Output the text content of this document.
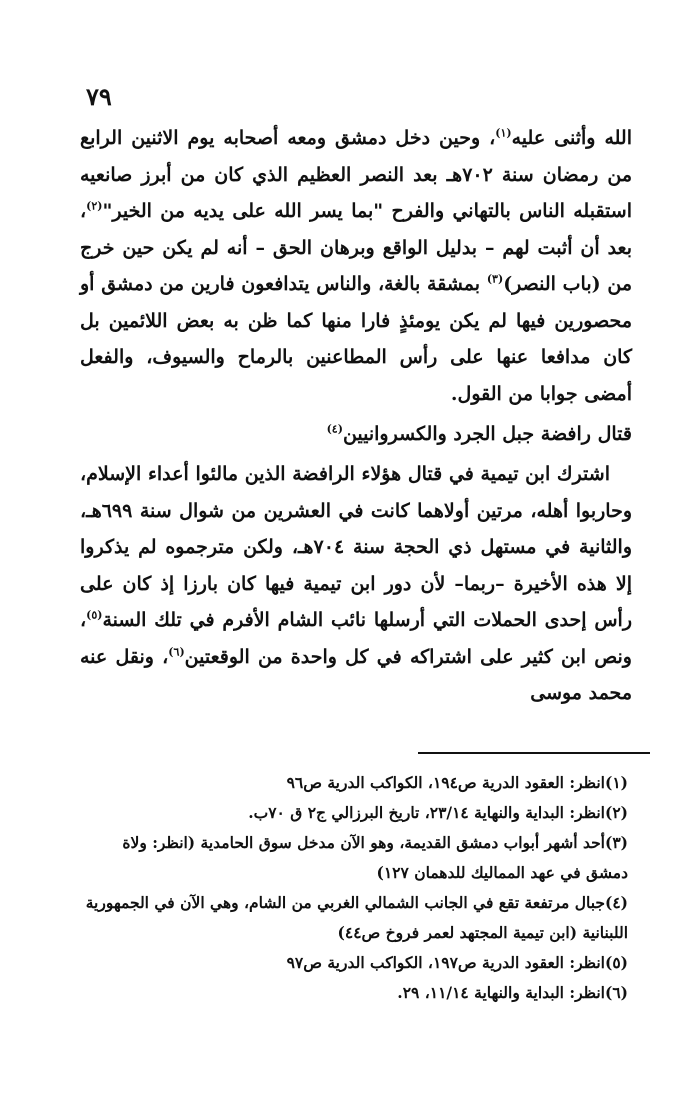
٧٩

الله وأثنى عليه$^{(١)}$، وحين دخل دمشق ومعه أصحابه يوم الاثنين الرابع من رمضان سنة ٧٠٢هـ بعد النصر العظيم الذي كان من أبرز صانعيه استقبله الناس بالتهاني والفرح "بما يسر الله على يديه من الخير"$^{(٢)}$، بعد أن أثبت لهم – بدليل الواقع وبرهان الحق – أنه لم يكن حين خرج من (باب النصر)$^{(٣)}$ بمشقة بالغة، والناس يتدافعون فارين من دمشق أو محصورين فيها لم يكن يومئذٍ فارا منها كما ظن به بعض اللائمين بل كان مدافعا عنها على رأس المطاعنين بالرماح والسيوف، والفعل أمضى جوابا من القول.

قتال رافضة جبل الجرد والكسروانيين$^{(٤)}$

اشترك ابن تيمية في قتال هؤلاء الرافضة الذين مالئوا أعداء الإسلام، وحاربوا أهله، مرتين أولاهما كانت في العشرين من شوال سنة ٦٩٩هـ، والثانية في مستهل ذي الحجة سنة ٧٠٤هـ، ولكن مترجموه لم يذكروا إلا هذه الأخيرة –ربما– لأن دور ابن تيمية فيها كان بارزا إذ كان على رأس إحدى الحملات التي أرسلها نائب الشام الأفرم في تلك السنة$^{(٥)}$، ونص ابن كثير على اشتراكه في كل واحدة من الوقعتين$^{(٦)}$، ونقل عنه محمد موسى

(١)انظر: العقود الدرية ص١٩٤، الكواكب الدرية ص٩٦

(٢)انظر: البداية والنهاية ٢٣/١٤، تاريخ البرزالي ج٢ ق ٧٠ب.

(٣)أحد أشهر أبواب دمشق القديمة، وهو الآن مدخل سوق الحامدية (انظر: ولاة دمشق في عهد المماليك للدهمان ١٢٧)

(٤)جبال مرتفعة تقع في الجانب الشمالي الغربي من الشام، وهي الآن في الجمهورية اللبنانية (ابن تيمية المجتهد لعمر فروخ ص٤٤)

(٥)انظر: العقود الدرية ص١٩٧، الكواكب الدرية ص٩٧

(٦)انظر: البداية والنهاية ١١/١٤، ٢٩.
